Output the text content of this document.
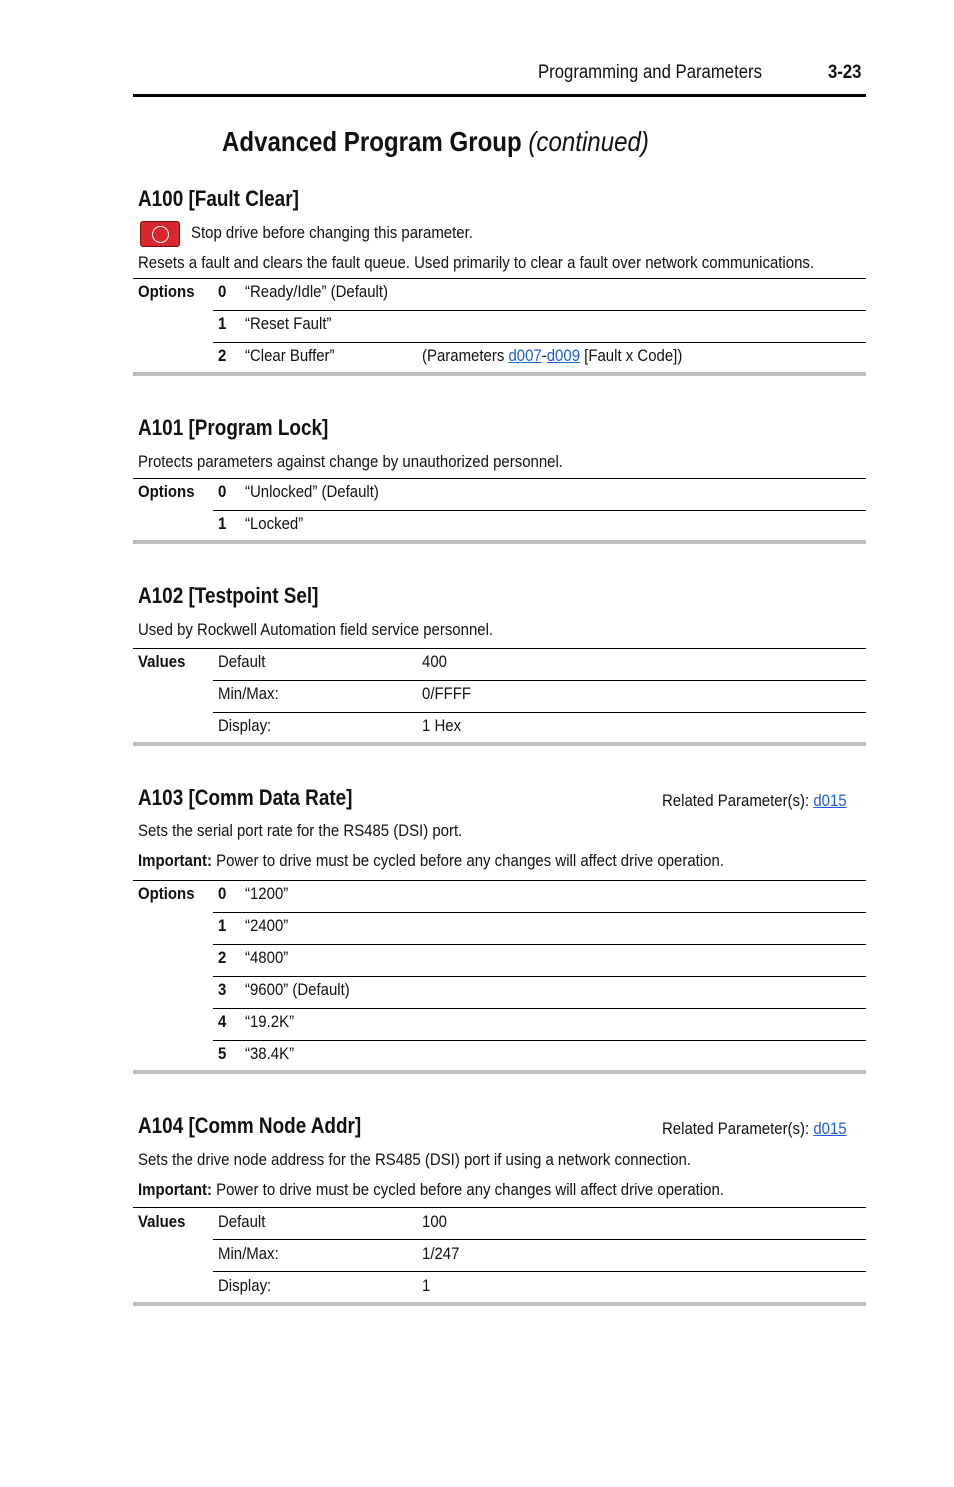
Programming and Parameters	3-23
Advanced Program Group (continued)
A100 [Fault Clear]
Stop drive before changing this parameter.
Resets a fault and clears the fault queue. Used primarily to clear a fault over network communications.
Options 0 “Ready/Idle” (Default)
1 “Reset Fault”
2 “Clear Buffer”	(Parameters d007-d009 [Fault x Code])
A101 [Program Lock]
Protects parameters against change by unauthorized personnel.
Options 0 “Unlocked” (Default)
1 “Locked”
A102 [Testpoint Sel]
Used by Rockwell Automation field service personnel.
Values Default	400
Min/Max:	0/FFFF
Display:	1 Hex
A103 [Comm Data Rate]	Related Parameter(s): d015
Sets the serial port rate for the RS485 (DSI) port.
Important: Power to drive must be cycled before any changes will affect drive operation.
Options 0 “1200”
1 “2400”
2 “4800”
3 “9600” (Default)
4 “19.2K”
5 “38.4K”
A104 [Comm Node Addr]	Related Parameter(s): d015
Sets the drive node address for the RS485 (DSI) port if using a network connection.
Important: Power to drive must be cycled before any changes will affect drive operation.
Values Default	100
Min/Max:	1/247
Display:	1
